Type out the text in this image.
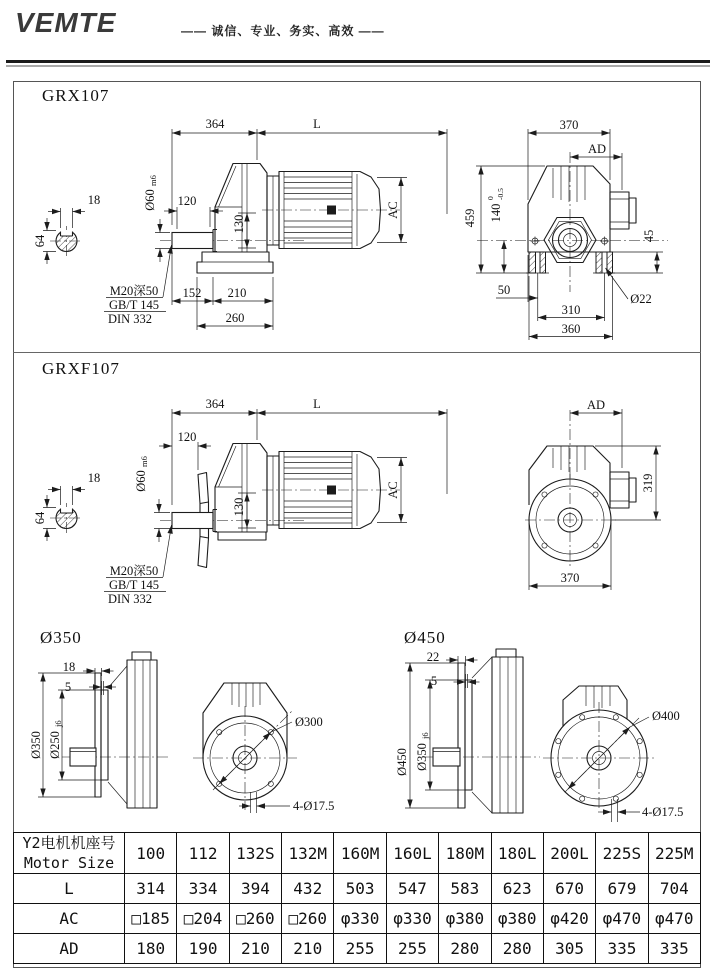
VEMTE	—— 诚信、专业、务实、高效 ——
GRX107
GRXF107
Ø350	Ø450
18
64
Ø60
m6
120
364	L
130
AC
152 210
260
M20深50
GB/T 145
DIN 332
370
AD
459 140
0 -0.5
45
50
Ø22
310
360
18
64
Ø60
m6
120
364	L
130
AC
M20深50
GB/T 145
DIN 332
AD
319
370
18
5
Ø350 Ø250
j6	Ø300
4-Ø17.5
22
5
Ø450 Ø350
j6
Ø400
4-Ø17.5
Y2电机机座号
Motor Size	100	112	132S	132M	160M	160L	180M	180L	200L	225S	225M
L	314	334	394	432	503	547	583	623	670	679	704
AC	□185	□204	□260	□260	φ330	φ330	φ380	φ380	φ420	φ470	φ470
AD	180	190	210	210	255	255	280	280	305	335	335
